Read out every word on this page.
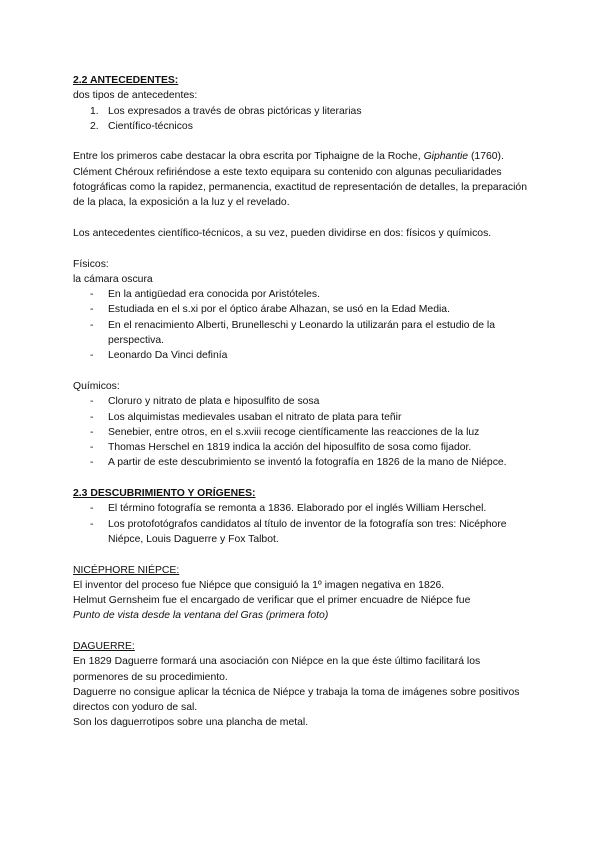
2.2 ANTECEDENTES:

dos tipos de antecedentes:

1. Los expresados a través de obras pictóricas y literarias
2. Científico-técnicos

Entre los primeros cabe destacar la obra escrita por Tiphaigne de la Roche, Giphantie (1760).

Clément Chéroux refiriéndose a este texto equipara su contenido con algunas peculiaridades fotográficas como la rapidez, permanencia, exactitud de representación de detalles, la preparación de la placa, la exposición a la luz y el revelado.

Los antecedentes científico-técnicos, a su vez, pueden dividirse en dos: físicos y químicos.

Físicos:

la cámara oscura

- En la antigüedad era conocida por Aristóteles.
- Estudiada en el s.xi por el óptico árabe Alhazan, se usó en la Edad Media.
- En el renacimiento Alberti, Brunelleschi y Leonardo la utilizarán para el estudio de la perspectiva.
- Leonardo Da Vinci definía

Químicos:

- Cloruro y nitrato de plata e hiposulfito de sosa
- Los alquimistas medievales usaban el nitrato de plata para teñir
- Senebier, entre otros, en el s.xviii recoge científicamente las reacciones de la luz
- Thomas Herschel en 1819 indica la acción del hiposulfito de sosa como fijador.
- A partir de este descubrimiento se inventó la fotografía en 1826 de la mano de Niépce.

2.3 DESCUBRIMIENTO Y ORÍGENES:

- El término fotografía se remonta a 1836. Elaborado por el inglés William Herschel.
- Los protofotógrafos candidatos al título de inventor de la fotografía son tres: Nicéphore Niépce, Louis Daguerre y Fox Talbot.

NICÉPHORE NIÉPCE:

El inventor del proceso fue Niépce que consiguió la 1º imagen negativa en 1826.

Helmut Gernsheim fue el encargado de verificar que el primer encuadre de Niépce fue

Punto de vista desde la ventana del Gras (primera foto)

DAGUERRE:

En 1829 Daguerre formará una asociación con Niépce en la que éste último facilitará los pormenores de su procedimiento.

Daguerre no consigue aplicar la técnica de Niépce y trabaja la toma de imágenes sobre positivos directos con yoduro de sal.

Son los daguerrotipos sobre una plancha de metal.
